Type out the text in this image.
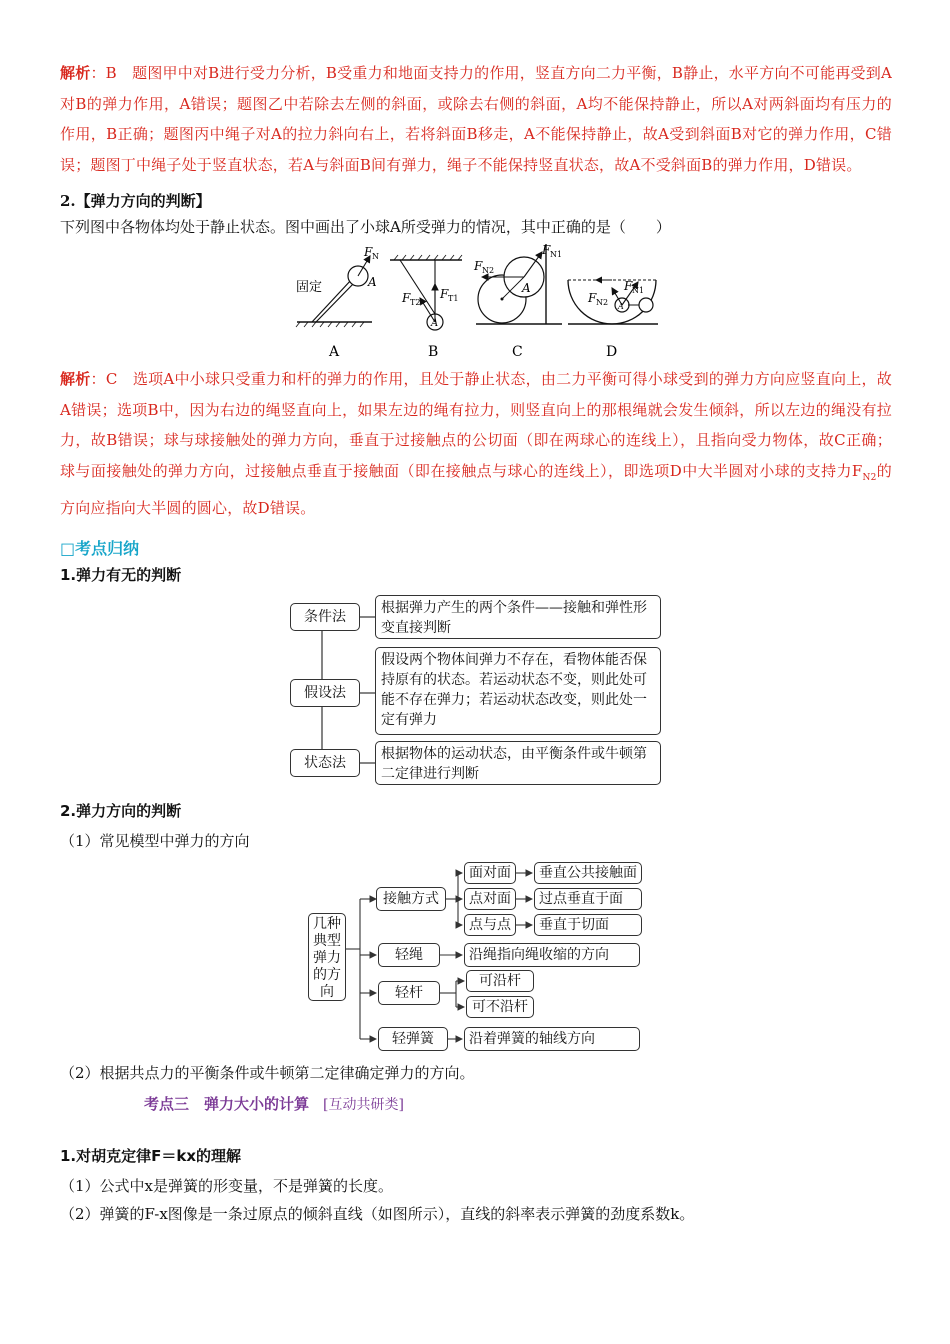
解析：B　题图甲中对B进行受力分析，B受重力和地面支持力的作用，竖直方向二力平衡，B静止，水平方向不可能再受到A对B的弹力作用，A错误；题图乙中若除去左侧的斜面，或除去右侧的斜面，A均不能保持静止，所以A对两斜面均有压力的作用，B正确；题图丙中绳子对A的拉力斜向右上，若将斜面B移走，A不能保持静止，故A受到斜面B对它的弹力作用，C错误；题图丁中绳子处于竖直状态，若A与斜面B间有弹力，绳子不能保持竖直状态，故A不受斜面B的弹力作用，D错误。

2.【弹力方向的判断】

下列图中各物体均处于静止状态。图中画出了小球A所受弹力的情况，其中正确的是（　　）

固定	A
F N
A
F T2
F T1
A
B
F N1
F N2
A
C
F N1
F N2 A
D

解析：C　选项A中小球只受重力和杆的弹力的作用，且处于静止状态，由二力平衡可得小球受到的弹力方向应竖直向上，故A错误；选项B中，因为右边的绳竖直向上，如果左边的绳有拉力，则竖直向上的那根绳就会发生倾斜，所以左边的绳没有拉力，故B错误；球与球接触处的弹力方向，垂直于过接触点的公切面（即在两球心的连线上），且指向受力物体，故C正确；球与面接触处的弹力方向，过接触点垂直于接触面（即在接触点与球心的连线上），即选项D中大半圆对小球的支持力$F_{N2}$的方向应指向大半圆的圆心，故D错误。

□考点归纳
1.弹力有无的判断
条件法
根据弹力产生的两个条件——接触和弹性形变直接判断
假设法
假设两个物体间弹力不存在，看物体能否保持原有的状态。若运动状态不变，则此处可能不存在弹力；若运动状态改变，则此处一定有弹力
状态法
根据物体的运动状态，由平衡条件或牛顿第二定律进行判断
2.弹力方向的判断

（1）常见模型中弹力的方向

几种典型弹力的方向
接触方式
面对面
点对面
点与点
垂直公共接触面
过点垂直于面
垂直于切面
轻绳	沿绳指向绳收缩的方向
轻杆
可沿杆
可不沿杆
轻弹簧	沿着弹簧的轴线方向

（2）根据共点力的平衡条件或牛顿第二定律确定弹力的方向。

考点三　弹力大小的计算 [互动共研类]
1.对胡克定律F＝kx的理解

（1）公式中x是弹簧的形变量，不是弹簧的长度。

（2）弹簧的F-x图像是一条过原点的倾斜直线（如图所示），直线的斜率表示弹簧的劲度系数k。
